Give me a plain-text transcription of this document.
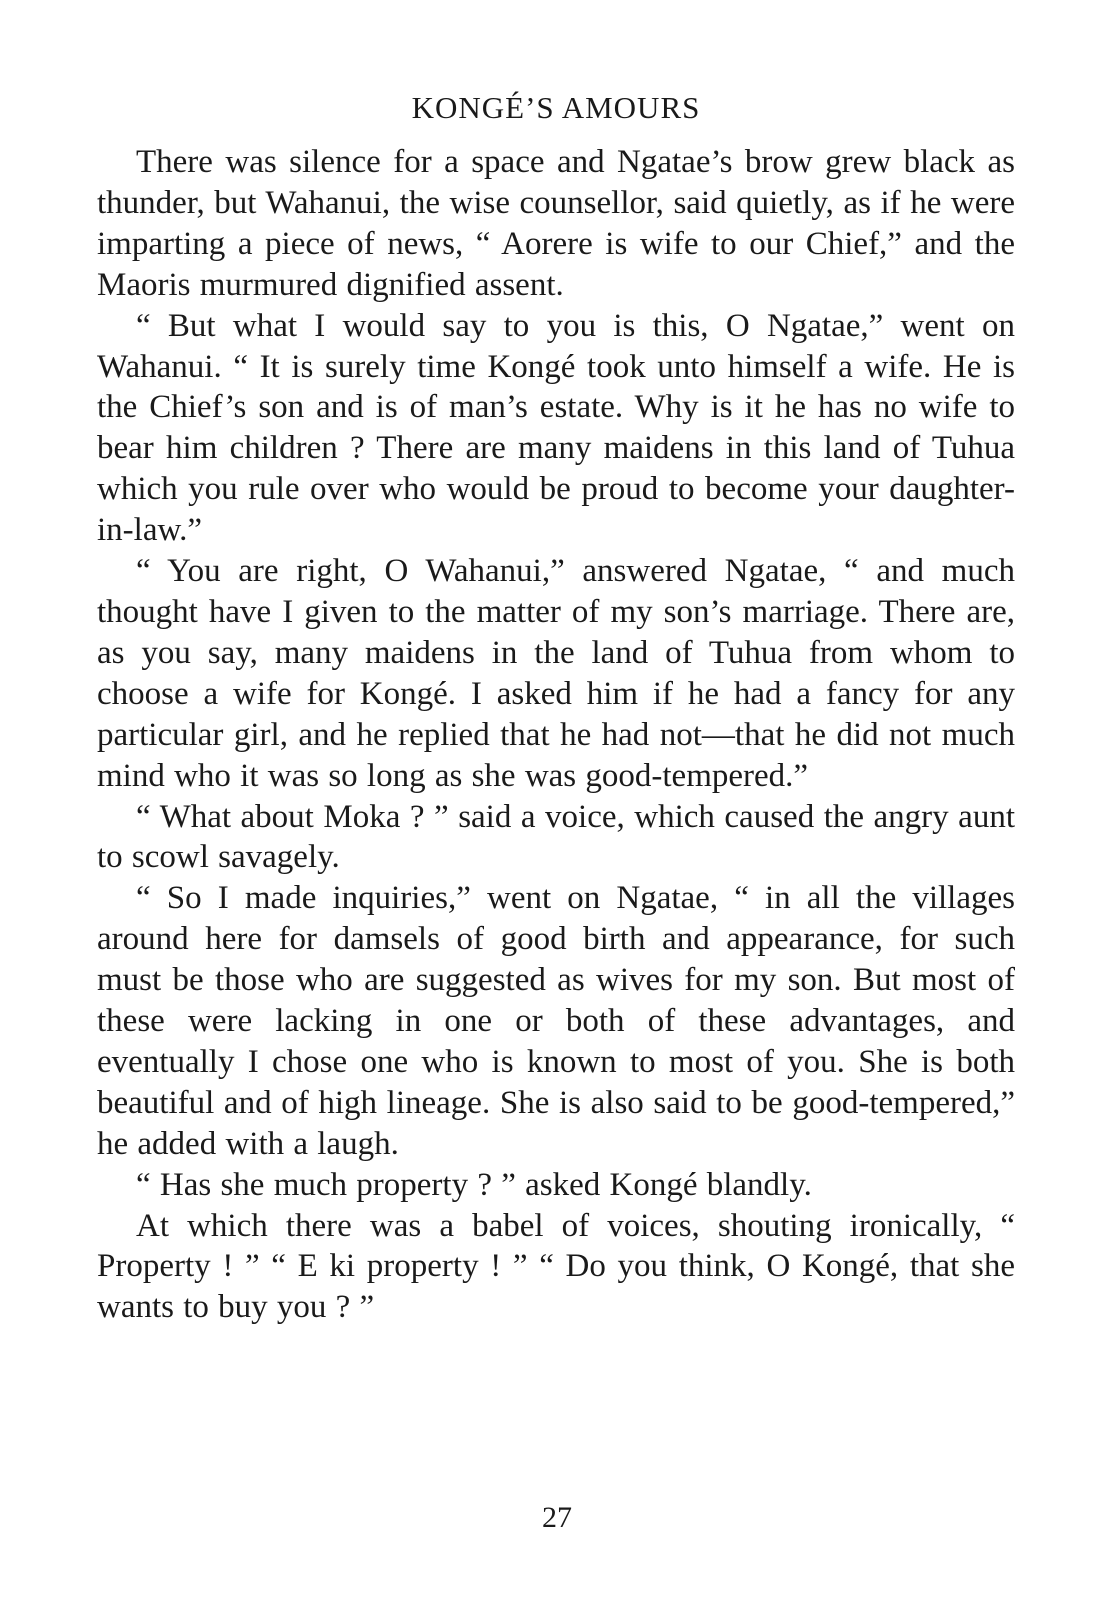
KONGÉ’S AMOURS

There was silence for a space and Ngatae’s brow grew black as thunder, but Wahanui, the wise counsellor, said quietly, as if he were imparting a piece of news, “ Aorere is wife to our Chief,” and the Maoris murmured dignified assent.

“ But what I would say to you is this, O Ngatae,” went on Wahanui. “ It is surely time Kongé took unto himself a wife. He is the Chief’s son and is of man’s estate. Why is it he has no wife to bear him children ? There are many maidens in this land of Tuhua which you rule over who would be proud to become your daughter-in-law.”

“ You are right, O Wahanui,” answered Ngatae, “ and much thought have I given to the matter of my son’s marriage. There are, as you say, many maidens in the land of Tuhua from whom to choose a wife for Kongé. I asked him if he had a fancy for any particular girl, and he replied that he had not—that he did not much mind who it was so long as she was good-tempered.”

“ What about Moka ? ” said a voice, which caused the angry aunt to scowl savagely.

“ So I made inquiries,” went on Ngatae, “ in all the villages around here for damsels of good birth and appearance, for such must be those who are suggested as wives for my son. But most of these were lacking in one or both of these advantages, and eventually I chose one who is known to most of you. She is both beautiful and of high lineage. She is also said to be good-tempered,” he added with a laugh.

“ Has she much property ? ” asked Kongé blandly.

At which there was a babel of voices, shouting ironically, “ Property ! ” “ E ki property ! ” “ Do you think, O Kongé, that she wants to buy you ? ”

27
